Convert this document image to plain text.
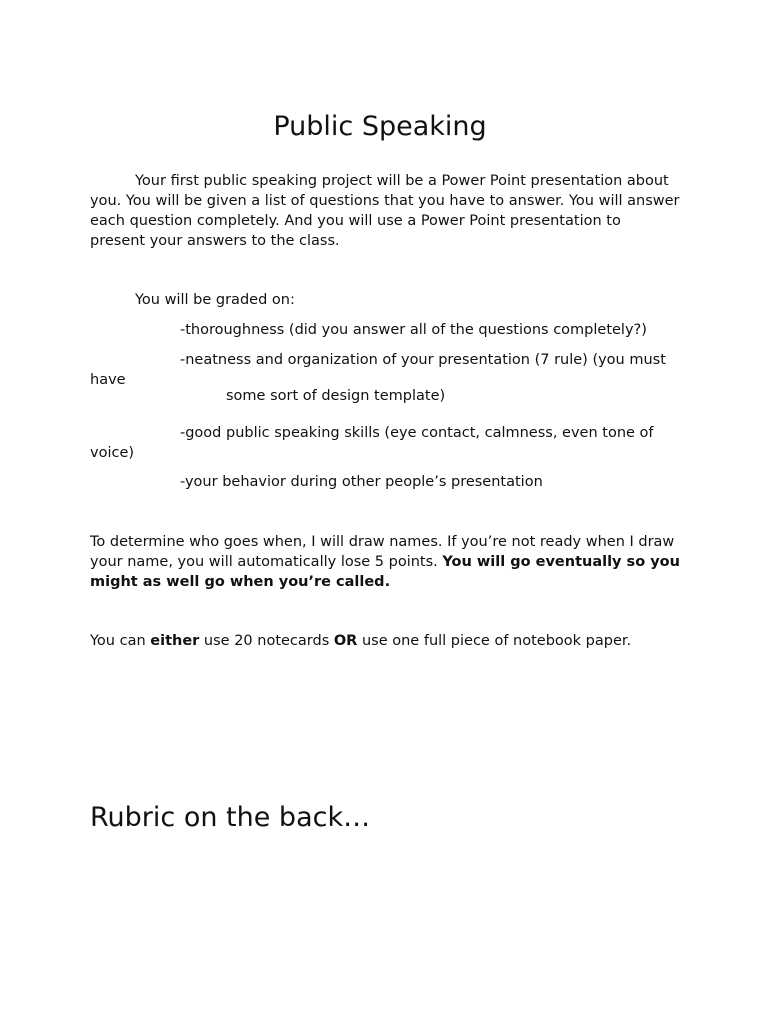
Public Speaking

Your first public speaking project will be a Power Point presentation about you. You will be given a list of questions that you have to answer. You will answer each question completely. And you will use a Power Point presentation to present your answers to the class.

You will be graded on:

-thoroughness (did you answer all of the questions completely?)

-neatness and organization of your presentation (7 rule) (you must have

some sort of design template)

-good public speaking skills (eye contact, calmness, even tone of voice)

-your behavior during other people’s presentation

To determine who goes when, I will draw names. If you’re not ready when I draw your name, you will automatically lose 5 points. You will go eventually so you might as well go when you’re called.

You can either use 20 notecards OR use one full piece of notebook paper.

Rubric on the back…
